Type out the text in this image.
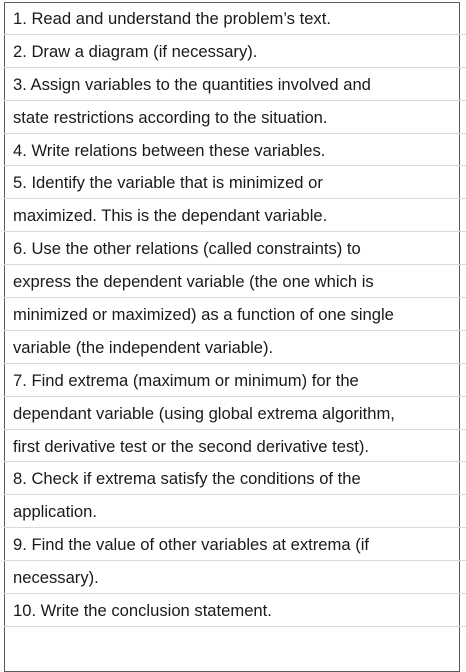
1. Read and understand the problem’s text.
2. Draw a diagram (if necessary).
3. Assign variables to the quantities involved and
state restrictions according to the situation.
4. Write relations between these variables.
5. Identify the variable that is minimized or
maximized. This is the dependant variable.
6. Use the other relations (called constraints) to
express the dependent variable (the one which is
minimized or maximized) as a function of one single
variable (the independent variable).
7. Find extrema (maximum or minimum) for the
dependant variable (using global extrema algorithm,
first derivative test or the second derivative test).
8. Check if extrema satisfy the conditions of the
application.
9. Find the value of other variables at extrema (if
necessary).
10. Write the conclusion statement.
